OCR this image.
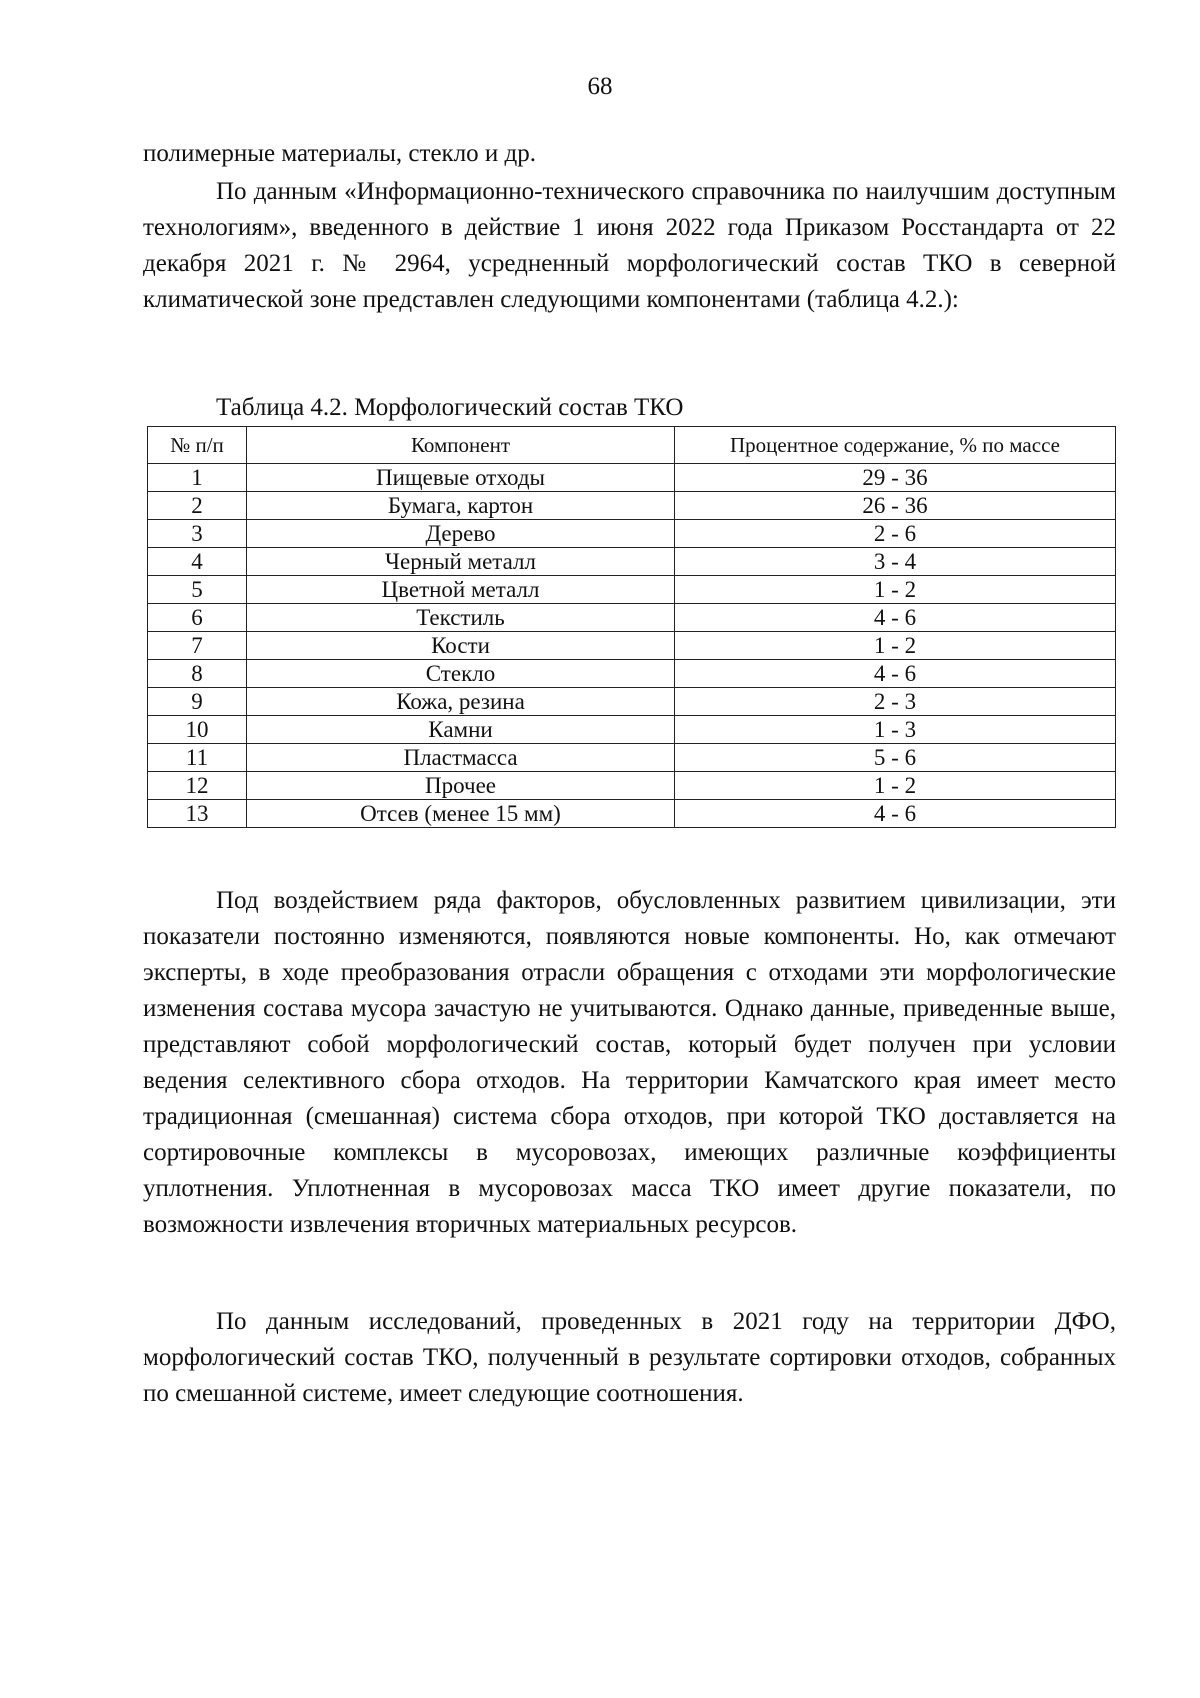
68

полимерные материалы, стекло и др.

По данным «Информационно-технического справочника по наилучшим доступным технологиям», введенного в действие 1 июня 2022 года Приказом Росстандарта от 22 декабря 2021 г. № 2964, усредненный морфологический состав ТКО в северной климатической зоне представлен следующими компонентами (таблица 4.2.):

Таблица 4.2. Морфологический состав ТКО
№ п/п	Компонент	Процентное содержание, % по массе
1	Пищевые отходы	29 - 36
2	Бумага, картон	26 - 36
3	Дерево	2 - 6
4	Черный металл	3 - 4
5	Цветной металл	1 - 2
6	Текстиль	4 - 6
7	Кости	1 - 2
8	Стекло	4 - 6
9	Кожа, резина	2 - 3
10	Камни	1 - 3
11	Пластмасса	5 - 6
12	Прочее	1 - 2
13	Отсев (менее 15 мм)	4 - 6

Под воздействием ряда факторов, обусловленных развитием цивилизации, эти показатели постоянно изменяются, появляются новые компоненты. Но, как отмечают эксперты, в ходе преобразования отрасли обращения с отходами эти морфологические изменения состава мусора зачастую не учитываются. Однако данные, приведенные выше, представляют собой морфологический состав, который будет получен при условии ведения селективного сбора отходов. На территории Камчатского края имеет место традиционная (смешанная) система сбора отходов, при которой ТКО доставляется на сортировочные комплексы в мусоровозах, имеющих различные коэффициенты уплотнения. Уплотненная в мусоровозах масса ТКО имеет другие показатели, по возможности извлечения вторичных материальных ресурсов.

По данным исследований, проведенных в 2021 году на территории ДФО, морфологический состав ТКО, полученный в результате сортировки отходов, собранных по смешанной системе, имеет следующие соотношения.
